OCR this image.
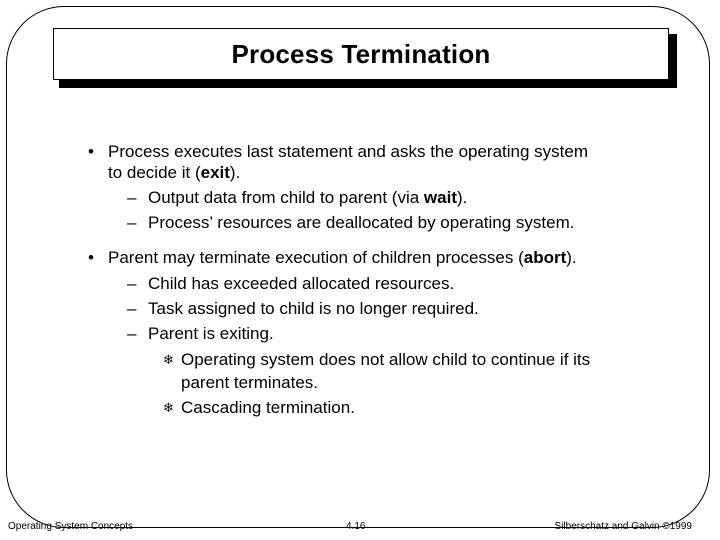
Process Termination
• Process executes last statement and asks the operating system
to decide it (exit).
– Output data from child to parent (via wait).
– Process’ resources are deallocated by operating system.
• Parent may terminate execution of children processes (abort).
– Child has exceeded allocated resources.
– Task assigned to child is no longer required.
– Parent is exiting.
❄ Operating system does not allow child to continue if its
parent terminates.
❄ Cascading termination.
Operating System Concepts	4.16	Silberschatz and Galvin ©1999
